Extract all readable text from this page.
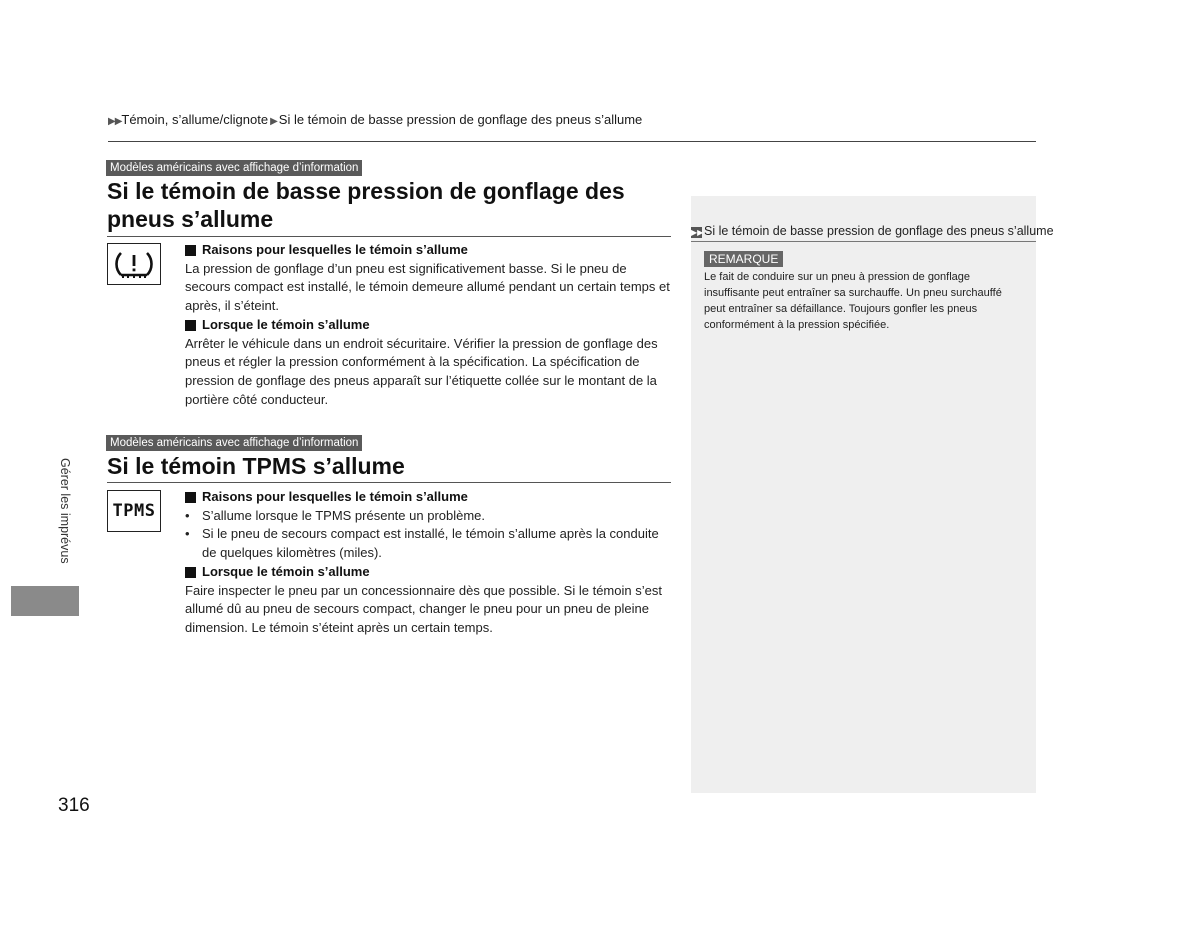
▶▶Témoin, s’allume/clignote ▶ Si le témoin de basse pression de gonflage des pneus s’allume
Modèles américains avec affichage d’information
Si le témoin de basse pression de gonflage des
pneus s’allume
Raisons pour lesquelles le témoin s’allume
La pression de gonflage d’un pneu est significativement basse. Si le pneu de secours compact est installé, le témoin demeure allumé pendant un certain temps et après, il s’éteint.
Lorsque le témoin s’allume
Arrêter le véhicule dans un endroit sécuritaire. Vérifier la pression de gonflage des pneus et régler la pression conformément à la spécification. La spécification de pression de gonflage des pneus apparaît sur l’étiquette collée sur le montant de la portière côté conducteur.
Modèles américains avec affichage d’information
Si le témoin TPMS s’allume
TPMS
Raisons pour lesquelles le témoin s’allume
• S’allume lorsque le TPMS présente un problème.
• Si le pneu de secours compact est installé, le témoin s’allume après la conduite de quelques kilomètres (miles).
Lorsque le témoin s’allume
Faire inspecter le pneu par un concessionnaire dès que possible. Si le témoin s’est allumé dû au pneu de secours compact, changer le pneu pour un pneu de pleine dimension. Le témoin s’éteint après un certain temps.
Gérer les imprévus
316
▶▶Si le témoin de basse pression de gonflage des pneus s’allume
REMARQUE
Le fait de conduire sur un pneu à pression de gonflage insuffisante peut entraîner sa surchauffe. Un pneu surchauffé peut entraîner sa défaillance. Toujours gonfler les pneus conformément à la pression spécifiée.
